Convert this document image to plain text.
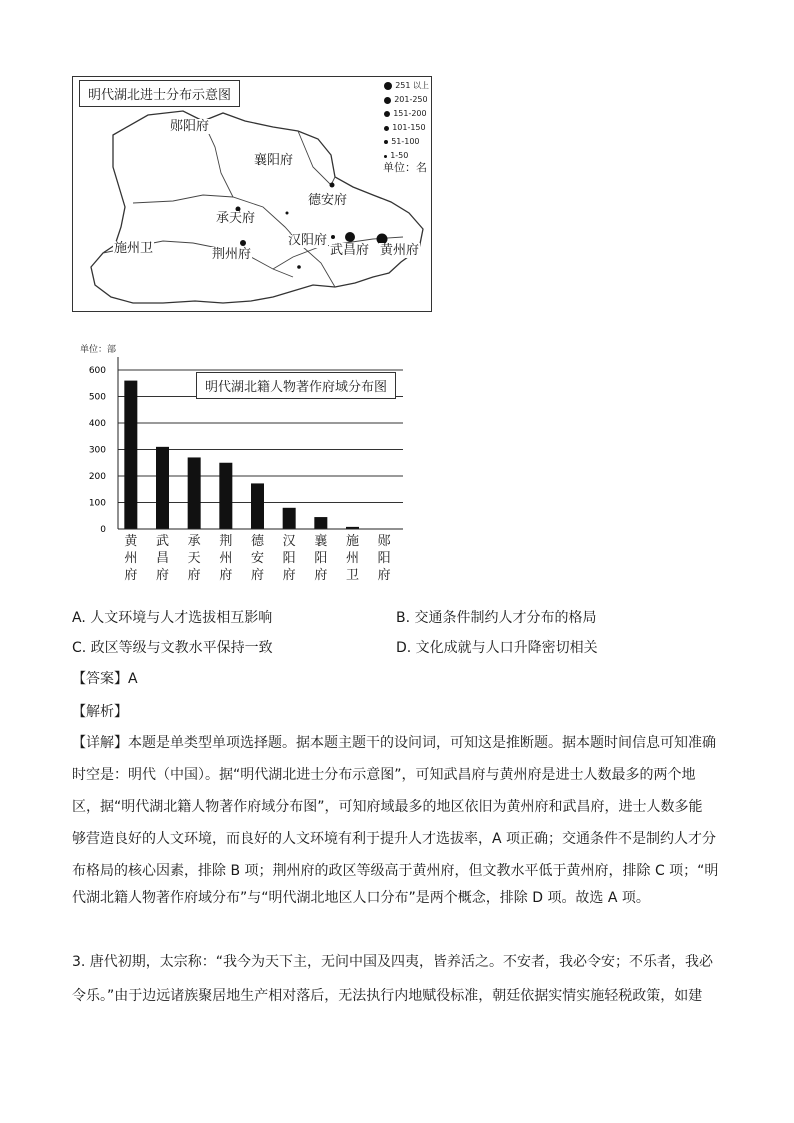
明代湖北进士分布示意图
251 以上
201-250
151-200
101-150
51-100
1-50
单位：名
郧阳府
襄阳府
德安府
承天府
施州卫	荆州府
汉阳府
武昌府 黄州府
单位：部
0
100
200
300
400
500
600
明代湖北籍人物著作府域分布图
黄
州
府
武
昌
府
承
天
府
荆
州
府
德
安
府
汉
阳
府
襄
阳
府
施
州
卫
郧
阳
府
A. 人文环境与人才选拔相互影响	B. 交通条件制约人才分布的格局
C. 政区等级与文教水平保持一致	D. 文化成就与人口升降密切相关
【答案】A
【解析】
【详解】本题是单类型单项选择题。据本题主题干的设问词，可知这是推断题。据本题时间信息可知准确
时空是：明代（中国）。据“明代湖北进士分布示意图”，可知武昌府与黄州府是进士人数最多的两个地
区，据“明代湖北籍人物著作府域分布图”，可知府域最多的地区依旧为黄州府和武昌府，进士人数多能
够营造良好的人文环境，而良好的人文环境有利于提升人才选拔率，A 项正确；交通条件不是制约人才分
布格局的核心因素，排除 B 项；荆州府的政区等级高于黄州府，但文教水平低于黄州府，排除 C 项；“明
代湖北籍人物著作府域分布”与“明代湖北地区人口分布”是两个概念，排除 D 项。故选 A 项。
3. 唐代初期，太宗称：“我今为天下主，无问中国及四夷，皆养活之。不安者，我必令安；不乐者，我必
令乐。”由于边远诸族聚居地生产相对落后，无法执行内地赋役标准，朝廷依据实情实施轻税政策，如建
